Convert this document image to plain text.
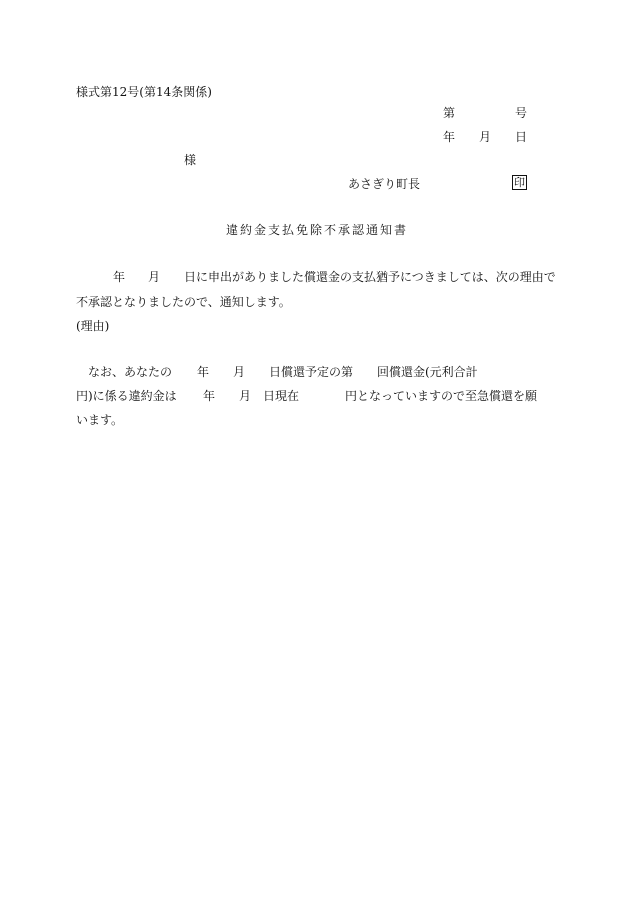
様式第12号(第14条関係)
第	号
年 月 日
様
あさぎり町長	印
違約金支払免除不承認通知書
年 月 日に申出がありました償還金の支払猶予につきましては、次の理由で
不承認となりましたので、通知します。
(理由)
なお、あなたの 年 月 日償還予定の第 回償還金(元利合計
円)に係る違約金は 年 月 日現在	円となっていますので至急償還を願
います。
